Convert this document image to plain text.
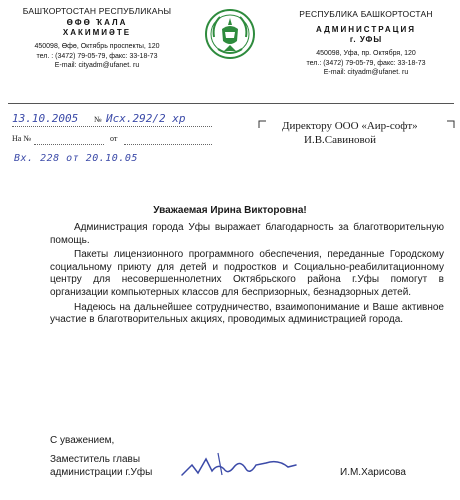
БАШҠОРТОСТАН РЕСПУБЛИКАҺЫ
ӨФӨ ҠАЛА
ХАКИМИӘТЕ
450098, Өфө, Октябрь проспекты, 120
тел. : (3472) 79-05-79, факс: 33-18-73
E-mail: cityadm@ufanet. ru
РЕСПУБЛИКА БАШКОРТОСТАН
АДМИНИСТРАЦИЯ
г. УФЫ
450098, Уфа, пр. Октября, 120
тел.: (3472) 79-05-79, факс: 33-18-73
E-mail: cityadm@ufanet. ru
13.10.2005 № Исх.292/2 хр
На №	от
Вх. 228 от 20.10.05
Директору ООО «Аир-софт»
И.В.Савиновой
Уважаемая Ирина Викторовна!

Администрация города Уфы выражает благодарность за благотворительную помощь.

Пакеты лицензионного программного обеспечения, переданные Городскому социальному приюту для детей и подростков и Социально-реабилитационному центру для несовершеннолетних Октябрьского района г.Уфы помогут в организации компьютерных классов для беспризорных, безнадзорных детей.

Надеюсь на дальнейшее сотрудничество, взаимопонимание и Ваше активное участие в благотворительных акциях, проводимых администрацией города.

С уважением,
Заместитель главы
администрации г.Уфы	И.М.Харисова
